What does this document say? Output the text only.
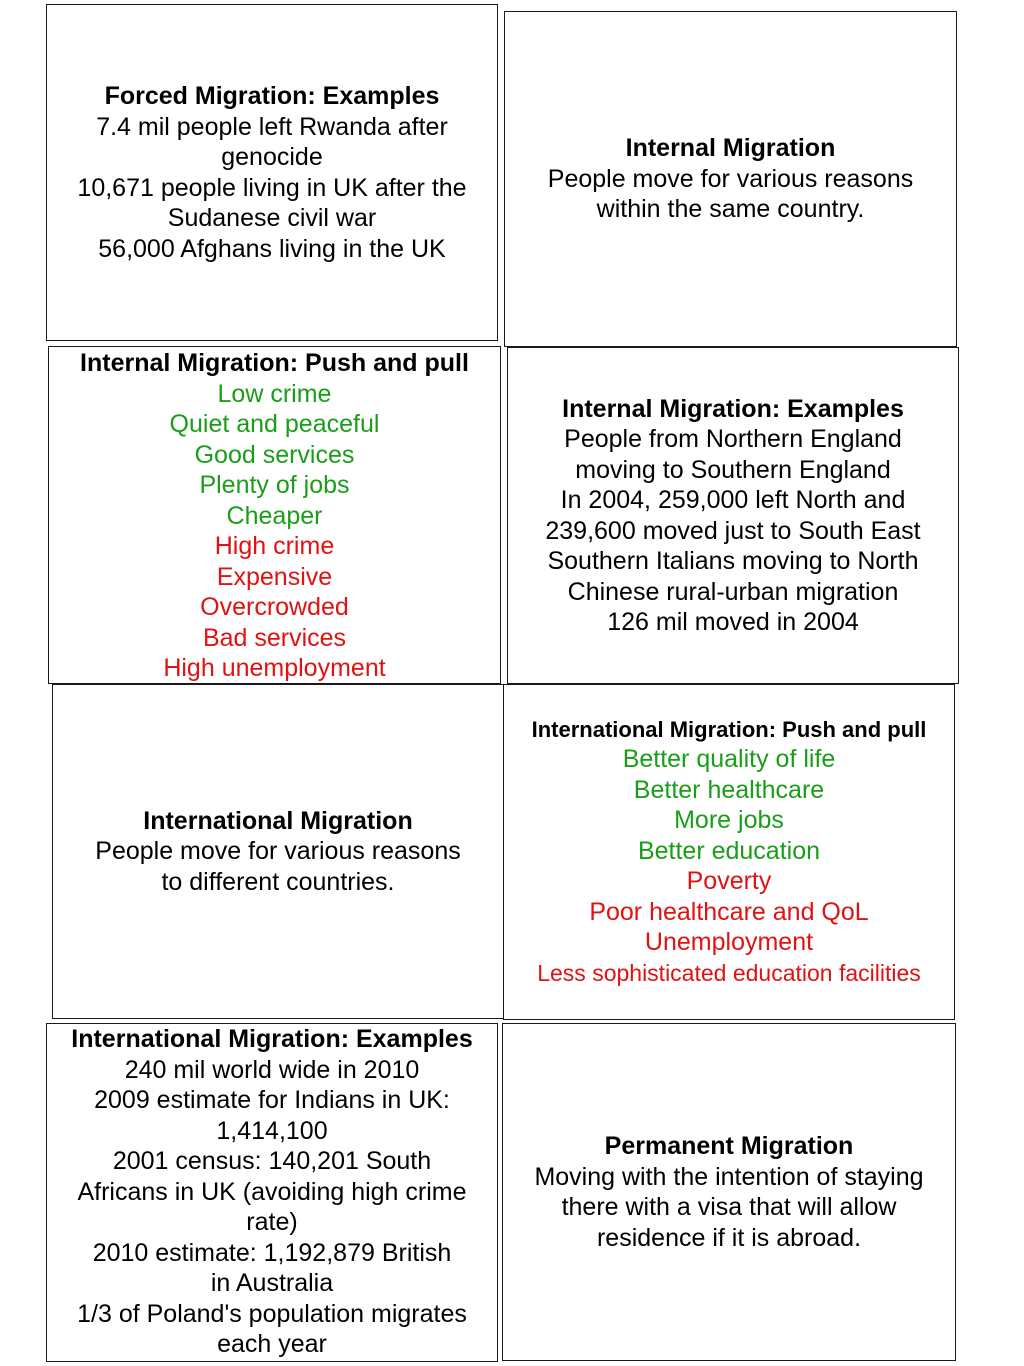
Forced Migration: Examples
7.4 mil people left Rwanda after
genocide
10,671 people living in UK after the
Sudanese civil war
56,000 Afghans living in the UK
Internal Migration
People move for various reasons
within the same country.
Internal Migration: Push and pull
Low crime
Quiet and peaceful
Good services
Plenty of jobs
Cheaper
High crime
Expensive
Overcrowded
Bad services
High unemployment
Internal Migration: Examples
People from Northern England
moving to Southern England
In 2004, 259,000 left North and
239,600 moved just to South East
Southern Italians moving to North
Chinese rural-urban migration
126 mil moved in 2004
International Migration
People move for various reasons
to different countries.
International Migration: Push and pull
Better quality of life
Better healthcare
More jobs
Better education
Poverty
Poor healthcare and QoL
Unemployment
Less sophisticated education facilities
International Migration: Examples
240 mil world wide in 2010
2009 estimate for Indians in UK:
1,414,100
2001 census: 140,201 South
Africans in UK (avoiding high crime
rate)
2010 estimate: 1,192,879 British
in Australia
1/3 of Poland's population migrates
each year
Permanent Migration
Moving with the intention of staying
there with a visa that will allow
residence if it is abroad.
